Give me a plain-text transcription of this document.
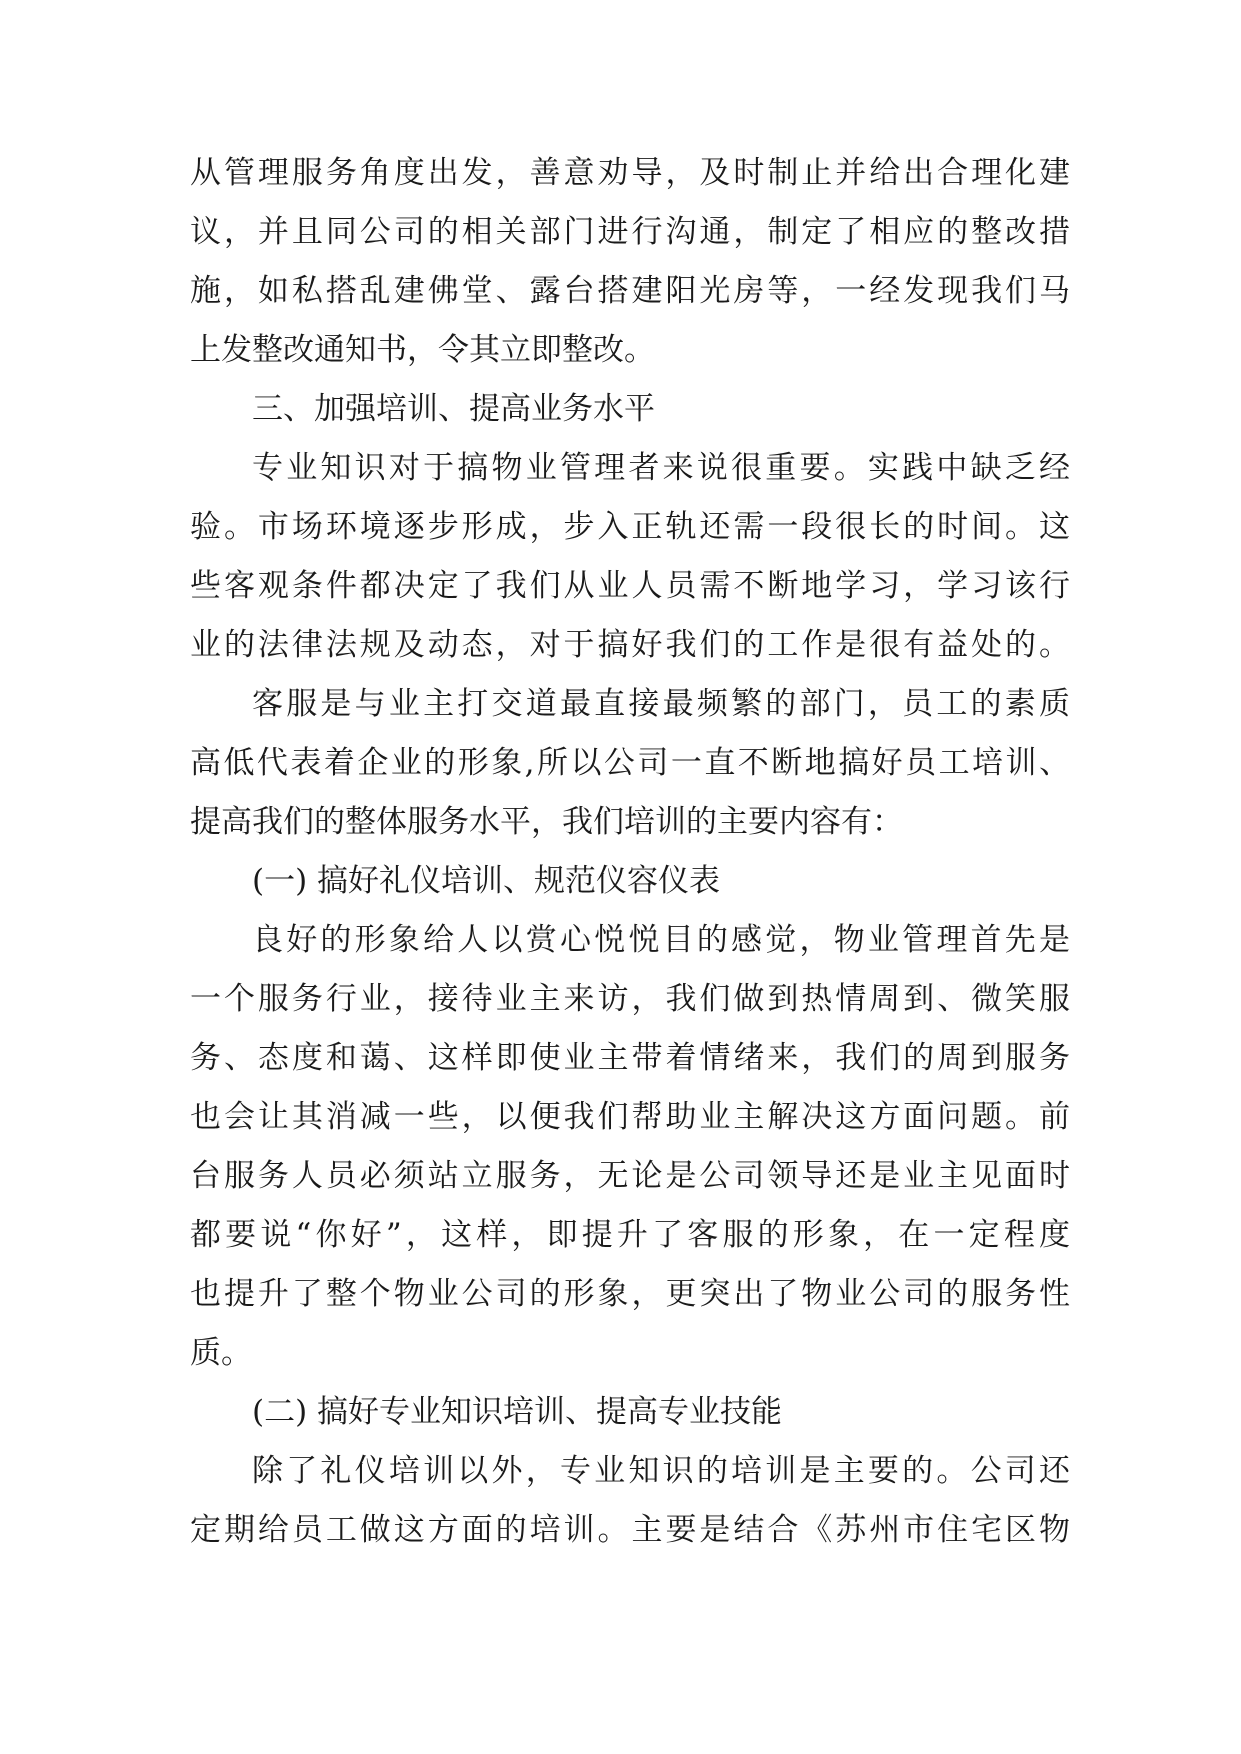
从管理服务角度出发，善意劝导，及时制止并给出合理化建
议，并且同公司的相关部门进行沟通，制定了相应的整改措
施，如私搭乱建佛堂、露台搭建阳光房等，一经发现我们马
上发整改通知书，令其立即整改。
三、加强培训、提高业务水平
专业知识对于搞物业管理者来说很重要。实践中缺乏经
验。市场环境逐步形成，步入正轨还需一段很长的时间。这
些客观条件都决定了我们从业人员需不断地学习，学习该行
业的法律法规及动态，对于搞好我们的工作是很有益处的。
客服是与业主打交道最直接最频繁的部门，员工的素质
高低代表着企业的形象,所以公司一直不断地搞好员工培训、
提高我们的整体服务水平，我们培训的主要内容有：
(一) 搞好礼仪培训、规范仪容仪表
良好的形象给人以赏心悦悦目的感觉，物业管理首先是
一个服务行业，接待业主来访，我们做到热情周到、微笑服
务、态度和蔼、这样即使业主带着情绪来，我们的周到服务
也会让其消减一些，以便我们帮助业主解决这方面问题。前
台服务人员必须站立服务，无论是公司领导还是业主见面时
都要说“你好”，这样，即提升了客服的形象，在一定程度
也提升了整个物业公司的形象，更突出了物业公司的服务性
质。
(二) 搞好专业知识培训、提高专业技能
除了礼仪培训以外，专业知识的培训是主要的。公司还
定期给员工做这方面的培训。主要是结合《苏州市住宅区物
